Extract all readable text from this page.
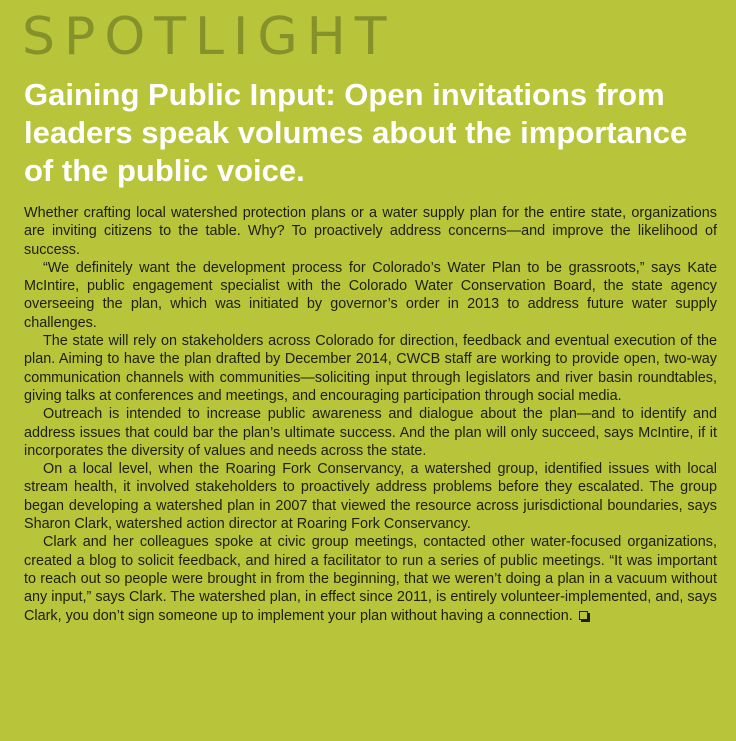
SPOTLIGHT
Gaining Public Input: Open invitations from leaders speak volumes about the importance of the public voice.

Whether crafting local watershed protection plans or a water supply plan for the entire state, organizations are inviting citizens to the table. Why? To proactively address concerns—and improve the likelihood of success.

“We definitely want the development process for Colorado’s Water Plan to be grassroots,” says Kate McIntire, public engagement specialist with the Colorado Water Conservation Board, the state agency overseeing the plan, which was initiated by governor’s order in 2013 to address future water supply challenges.

The state will rely on stakeholders across Colorado for direction, feedback and eventual execution of the plan. Aiming to have the plan drafted by December 2014, CWCB staff are working to provide open, two-way communication channels with communities—soliciting input through legislators and river basin roundtables, giving talks at conferences and meetings, and encouraging participation through social media.

Outreach is intended to increase public awareness and dialogue about the plan—and to identify and address issues that could bar the plan’s ultimate success. And the plan will only succeed, says McIntire, if it incorporates the diversity of values and needs across the state.

On a local level, when the Roaring Fork Conservancy, a watershed group, identified issues with local stream health, it involved stakeholders to proactively address problems before they escalated. The group began developing a watershed plan in 2007 that viewed the resource across jurisdictional boundaries, says Sharon Clark, watershed action director at Roaring Fork Conservancy.

Clark and her colleagues spoke at civic group meetings, contacted other water-focused organizations, created a blog to solicit feedback, and hired a facilitator to run a series of public meetings. “It was important to reach out so people were brought in from the beginning, that we weren’t doing a plan in a vacuum without any input,” says Clark. The watershed plan, in effect since 2011, is entirely volunteer-implemented, and, says Clark, you don’t sign someone up to implement your plan without having a connection.
